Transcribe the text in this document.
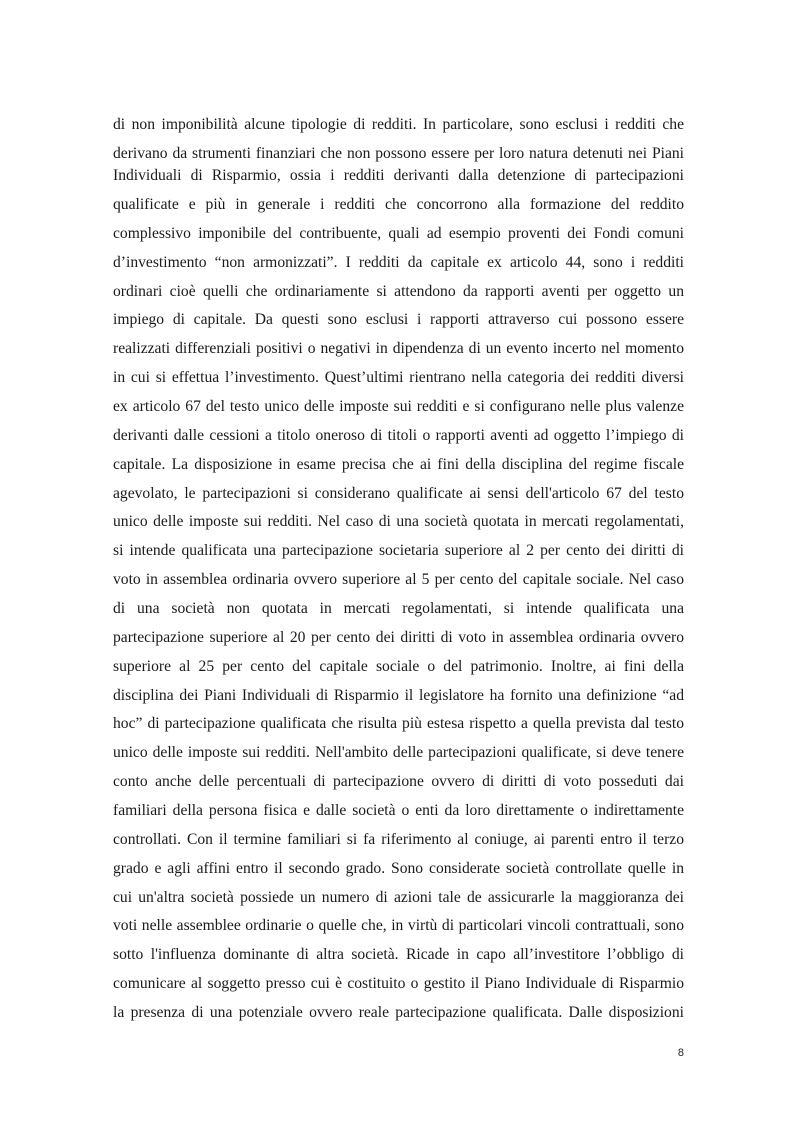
di non imponibilità alcune tipologie di redditi. In particolare, sono esclusi i redditi che
derivano da strumenti finanziari che non possono essere per loro natura detenuti nei Piani
Individuali di Risparmio, ossia i redditi derivanti dalla detenzione di partecipazioni
qualificate e più in generale i redditi che concorrono alla formazione del reddito
complessivo imponibile del contribuente, quali ad esempio proventi dei Fondi comuni
d’investimento “non armonizzati”. I redditi da capitale ex articolo 44, sono i redditi
ordinari cioè quelli che ordinariamente si attendono da rapporti aventi per oggetto un
impiego di capitale. Da questi sono esclusi i rapporti attraverso cui possono essere
realizzati differenziali positivi o negativi in dipendenza di un evento incerto nel momento
in cui si effettua l’investimento. Quest’ultimi rientrano nella categoria dei redditi diversi
ex articolo 67 del testo unico delle imposte sui redditi e si configurano nelle plus valenze
derivanti dalle cessioni a titolo oneroso di titoli o rapporti aventi ad oggetto l’impiego di
capitale. La disposizione in esame precisa che ai fini della disciplina del regime fiscale
agevolato, le partecipazioni si considerano qualificate ai sensi dell'articolo 67 del testo
unico delle imposte sui redditi. Nel caso di una società quotata in mercati regolamentati,
si intende qualificata una partecipazione societaria superiore al 2 per cento dei diritti di
voto in assemblea ordinaria ovvero superiore al 5 per cento del capitale sociale. Nel caso
di una società non quotata in mercati regolamentati, si intende qualificata una
partecipazione superiore al 20 per cento dei diritti di voto in assemblea ordinaria ovvero
superiore al 25 per cento del capitale sociale o del patrimonio. Inoltre, ai fini della
disciplina dei Piani Individuali di Risparmio il legislatore ha fornito una definizione “ad
hoc” di partecipazione qualificata che risulta più estesa rispetto a quella prevista dal testo
unico delle imposte sui redditi. Nell'ambito delle partecipazioni qualificate, si deve tenere
conto anche delle percentuali di partecipazione ovvero di diritti di voto posseduti dai
familiari della persona fisica e dalle società o enti da loro direttamente o indirettamente
controllati. Con il termine familiari si fa riferimento al coniuge, ai parenti entro il terzo
grado e agli affini entro il secondo grado. Sono considerate società controllate quelle in
cui un'altra società possiede un numero di azioni tale de assicurarle la maggioranza dei
voti nelle assemblee ordinarie o quelle che, in virtù di particolari vincoli contrattuali, sono
sotto l'influenza dominante di altra società. Ricade in capo all’investitore l’obbligo di
comunicare al soggetto presso cui è costituito o gestito il Piano Individuale di Risparmio
la presenza di una potenziale ovvero reale partecipazione qualificata. Dalle disposizioni
8
